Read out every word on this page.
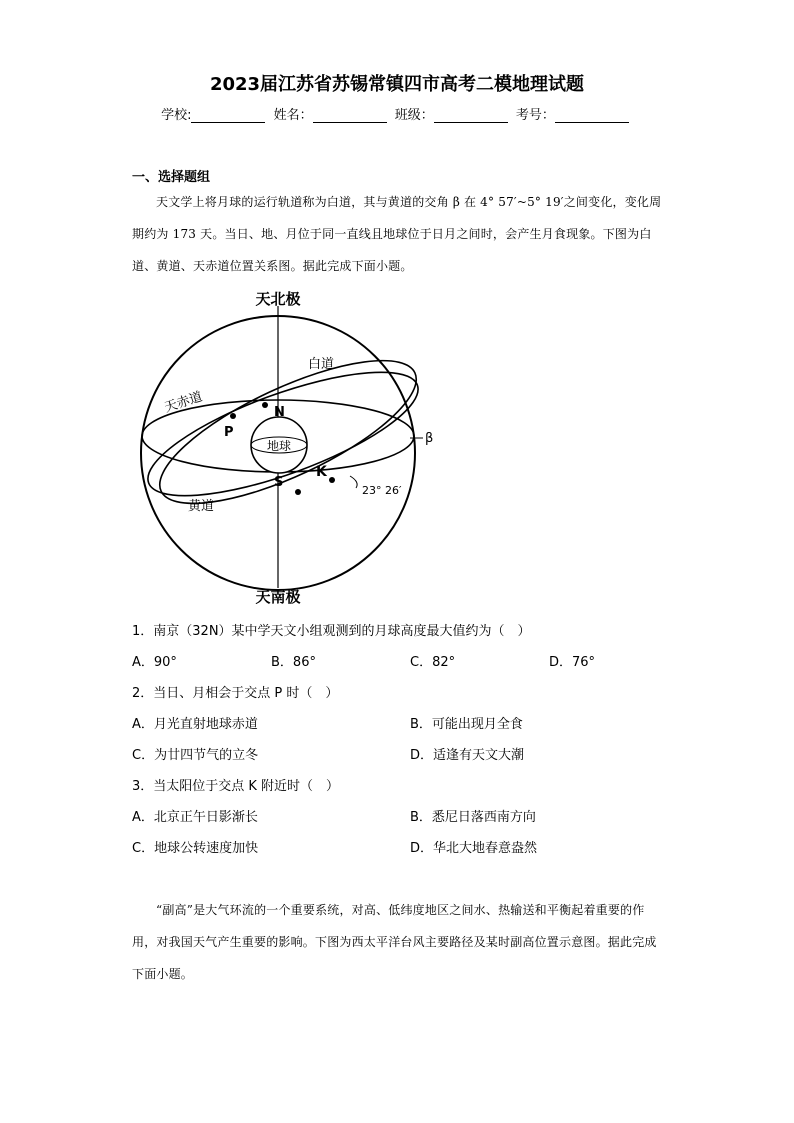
2023届江苏省苏锡常镇四市高考二模地理试题
学校:	姓名：	班级：	考号：
一、选择题组
天文学上将月球的运行轨道称为白道，其与黄道的交角 β 在 4° 57′~5° 19′之间变化，变化周期约为 173 天。当日、地、月位于同一直线且地球位于日月之间时，会产生月食现象。下图为白道、黄道、天赤道位置关系图。据此完成下面小题。
天北极
天南极
白道
天赤道
黄道
地球
N
S
P
K
β
23° 26′
1．南京（32N）某中学天文小组观测到的月球高度最大值约为（　）
A．90°	B．86°	C．82°	D．76°
2．当日、月相会于交点 P 时（　）
A．月光直射地球赤道	B．可能出现月全食
C．为廿四节气的立冬	D．适逢有天文大潮
3．当太阳位于交点 K 附近时（　）
A．北京正午日影渐长	B．悉尼日落西南方向
C．地球公转速度加快	D．华北大地春意盎然
“副高”是大气环流的一个重要系统，对高、低纬度地区之间水、热输送和平衡起着重要的作用，对我国天气产生重要的影响。下图为西太平洋台风主要路径及某时副高位置示意图。据此完成下面小题。
